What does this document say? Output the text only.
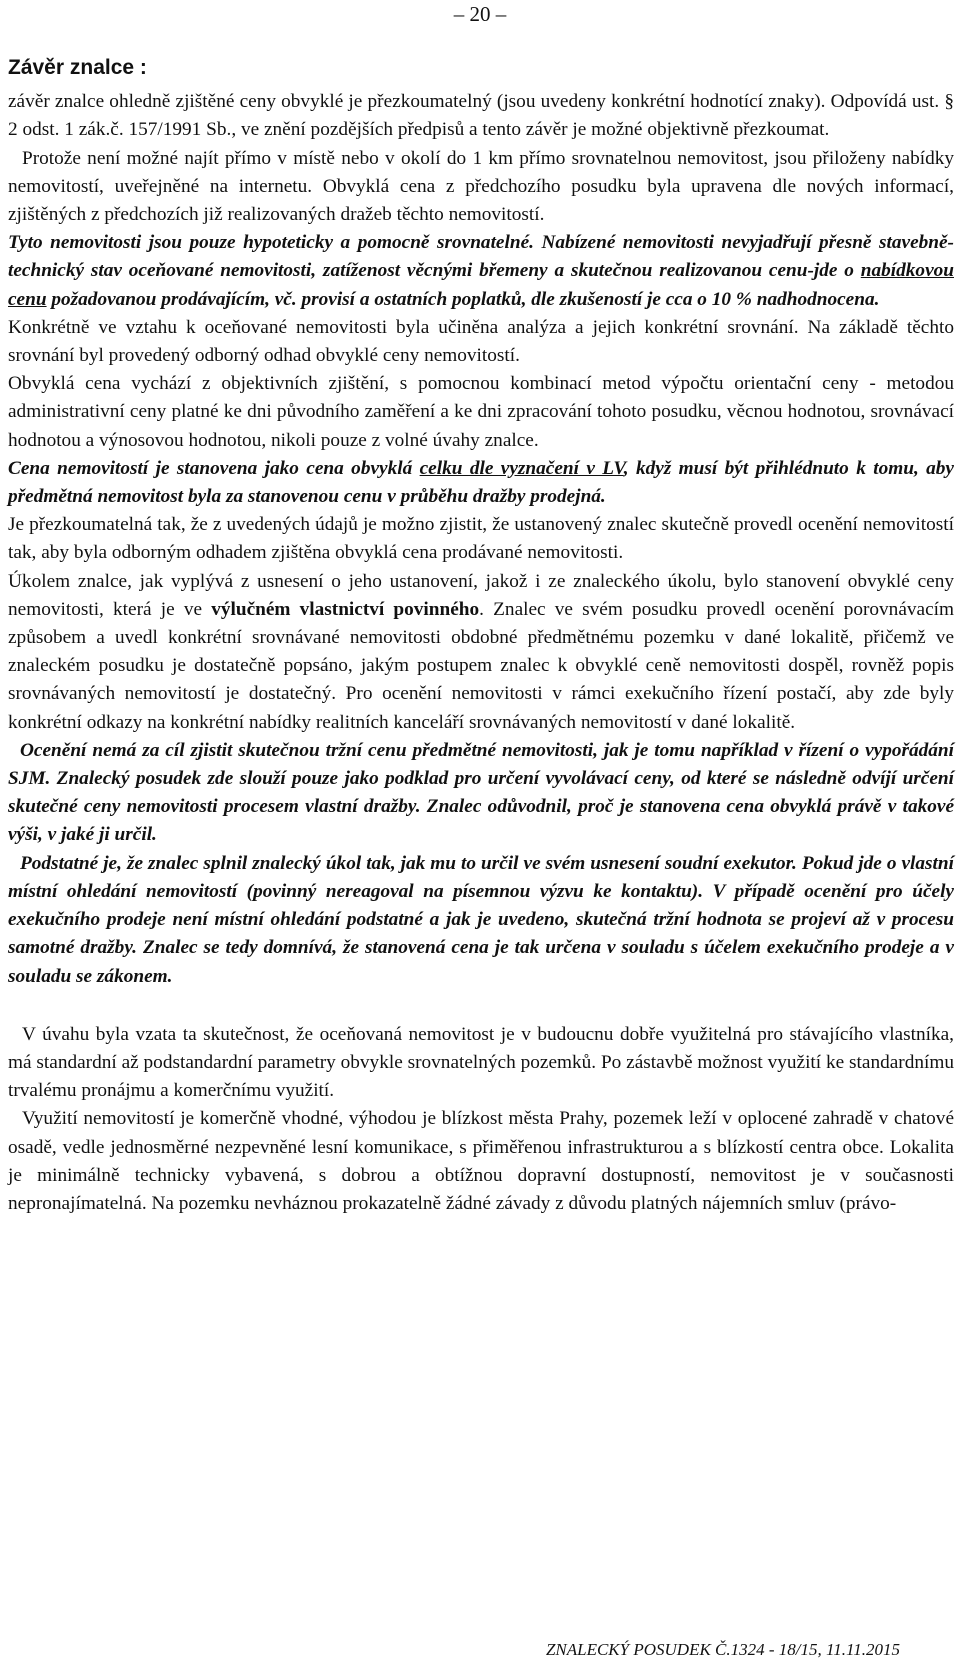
– 20 –
Závěr znalce :

závěr znalce ohledně zjištěné ceny obvyklé je přezkoumatelný (jsou uvedeny konkrétní hodnotící znaky). Odpovídá ust. § 2 odst. 1 zák.č. 157/1991 Sb., ve znění pozdějších předpisů a tento závěr je možné objektivně přezkoumat.

Protože není možné najít přímo v místě nebo v okolí do 1 km přímo srovnatelnou nemovitost, jsou přiloženy nabídky nemovitostí, uveřejněné na internetu. Obvyklá cena z předchozího posudku byla upravena dle nových informací, zjištěných z předchozích již realizovaných dražeb těchto nemovitostí.

Tyto nemovitosti jsou pouze hypoteticky a pomocně srovnatelné. Nabízené nemovitosti nevyjadřují přesně stavebně-technický stav oceňované nemovitosti, zatíženost věcnými břemeny a skutečnou realizovanou cenu-jde o nabídkovou cenu požadovanou prodávajícím, vč. provisí a ostatních poplatků, dle zkušeností je cca o 10 % nadhodnocena.

Konkrétně ve vztahu k oceňované nemovitosti byla učiněna analýza a jejich konkrétní srovnání. Na základě těchto srovnání byl provedený odborný odhad obvyklé ceny nemovitostí.

Obvyklá cena vychází z objektivních zjištění, s pomocnou kombinací metod výpočtu orientační ceny - metodou administrativní ceny platné ke dni původního zaměření a ke dni zpracování tohoto posudku, věcnou hodnotou, srovnávací hodnotou a výnosovou hodnotou, nikoli pouze z volné úvahy znalce.

Cena nemovitostí je stanovena jako cena obvyklá celku dle vyznačení v LV, když musí být přihlédnuto k tomu, aby předmětná nemovitost byla za stanovenou cenu v průběhu dražby prodejná.

Je přezkoumatelná tak, že z uvedených údajů je možno zjistit, že ustanovený znalec skutečně provedl ocenění nemovitostí tak, aby byla odborným odhadem zjištěna obvyklá cena prodávané nemovitosti.

Úkolem znalce, jak vyplývá z usnesení o jeho ustanovení, jakož i ze znaleckého úkolu, bylo stanovení obvyklé ceny nemovitosti, která je ve výlučném vlastnictví povinného. Znalec ve svém posudku provedl ocenění porovnávacím způsobem a uvedl konkrétní srovnávané nemovitosti obdobné předmětnému pozemku v dané lokalitě, přičemž ve znaleckém posudku je dostatečně popsáno, jakým postupem znalec k obvyklé ceně nemovitosti dospěl, rovněž popis srovnávaných nemovitostí je dostatečný. Pro ocenění nemovitosti v rámci exekučního řízení postačí, aby zde byly konkrétní odkazy na konkrétní nabídky realitních kanceláří srovnávaných nemovitostí v dané lokalitě.

Ocenění nemá za cíl zjistit skutečnou tržní cenu předmětné nemovitosti, jak je tomu například v řízení o vypořádání SJM. Znalecký posudek zde slouží pouze jako podklad pro určení vyvolávací ceny, od které se následně odvíjí určení skutečné ceny nemovitosti procesem vlastní dražby. Znalec odůvodnil, proč je stanovena cena obvyklá právě v takové výši, v jaké ji určil.

Podstatné je, že znalec splnil znalecký úkol tak, jak mu to určil ve svém usnesení soudní exekutor. Pokud jde o vlastní místní ohledání nemovitostí (povinný nereagoval na písemnou výzvu ke kontaktu). V případě ocenění pro účely exekučního prodeje není místní ohledání podstatné a jak je uvedeno, skutečná tržní hodnota se projeví až v procesu samotné dražby. Znalec se tedy domnívá, že stanovená cena je tak určena v souladu s účelem exekučního prodeje a v souladu se zákonem.

V úvahu byla vzata ta skutečnost, že oceňovaná nemovitost je v budoucnu dobře využitelná pro stávajícího vlastníka, má standardní až podstandardní parametry obvykle srovnatelných pozemků. Po zástavbě možnost využití ke standardnímu trvalému pronájmu a komerčnímu využití.

Využití nemovitostí je komerčně vhodné, výhodou je blízkost města Prahy, pozemek leží v oplocené zahradě v chatové osadě, vedle jednosměrné nezpevněné lesní komunikace, s přiměřenou infrastrukturou a s blízkostí centra obce. Lokalita je minimálně technicky vybavená, s dobrou a obtížnou dopravní dostupností, nemovitost je v současnosti nepronajímatelná. Na pozemku nevháznou prokazatelně žádné závady z důvodu platných nájemních smluv (právo-

ZNALECKÝ POSUDEK Č.1324 - 18/15, 11.11.2015
